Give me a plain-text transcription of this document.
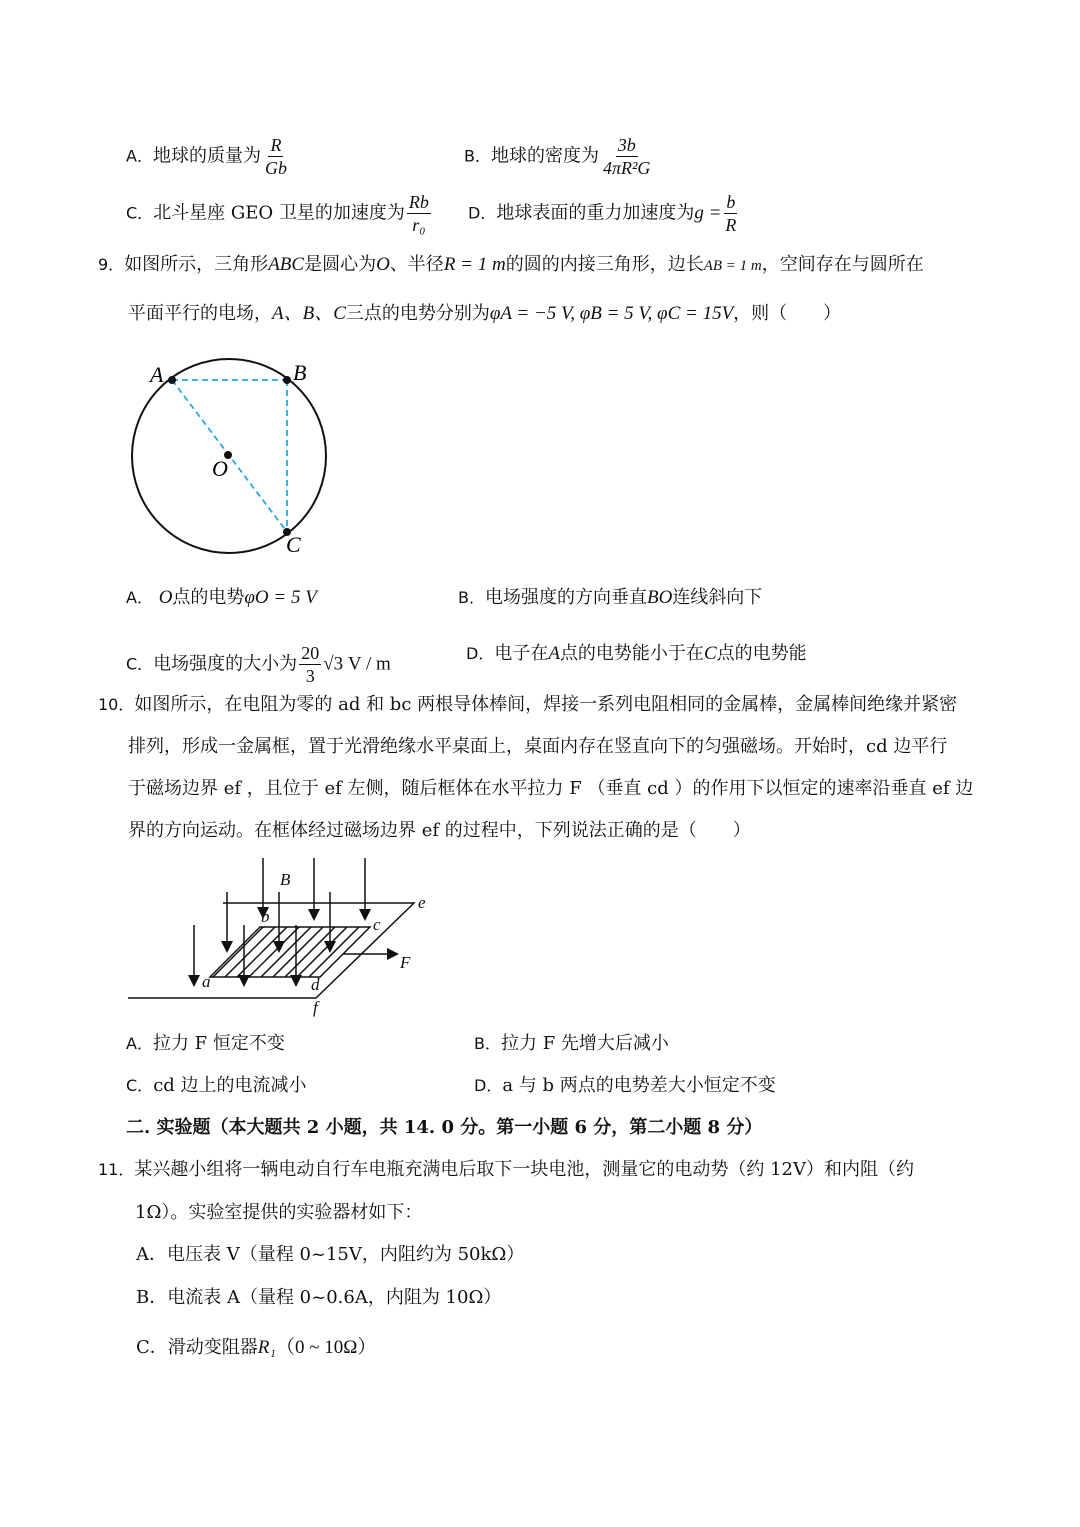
A．地球的质量为 $\frac{R}{Gb}$	B．地球的密度为 $\frac{3b}{\text{4πR²G}}$
C．北斗星座 GEO 卫星的加速度为 $\frac{Rb}{\text{r₀}}$ D．地球表面的重力加速度为$g = \frac{b}{R}$
9．如图所示，三角形ABC是圆心为O、半径R = 1 m的圆的内接三角形，边长AB = 1 m，空间存在与圆所在
平面平行的电场，A、B、C三点的电势分别为φA = −5 V, φB = 5 V, φC = 15V，则（　　）
A	B
C
O
A． O点的电势φO = 5 V	B．电场强度的方向垂直BO连线斜向下
C．电场强度的大小为 $\frac{20}{3} √3$ V / m	D．电子在A点的电势能小于在C点的电势能
10．如图所示，在电阻为零的 ad 和 bc 两根导体棒间，焊接一系列电阻相同的金属棒，金属棒间绝缘并紧密
排列，形成一金属框，置于光滑绝缘水平桌面上，桌面内存在竖直向下的匀强磁场。开始时，cd 边平行
于磁场边界 ef ，且位于 ef 左侧，随后框体在水平拉力 F （垂直 cd ）的作用下以恒定的速率沿垂直 ef 边
界的方向运动。在框体经过磁场边界 ef 的过程中，下列说法正确的是（　　）
B
a
b	c
d
e
f
F
A．拉力 F 恒定不变	B．拉力 F 先增大后减小
C．cd 边上的电流减小	D．a 与 b 两点的电势差大小恒定不变
二. 实验题（本大题共 2 小题，共 14. 0 分。第一小题 6 分，第二小题 8 分）
11．某兴趣小组将一辆电动自行车电瓶充满电后取下一块电池，测量它的电动势（约 12V）和内阻（约
1Ω）。实验室提供的实验器材如下：
A．电压表 V（量程 0~15V，内阻约为 50kΩ）
B．电流表 A（量程 0~0.6A，内阻为 10Ω）
C．滑动变阻器R₁（0 ~ 10Ω）
